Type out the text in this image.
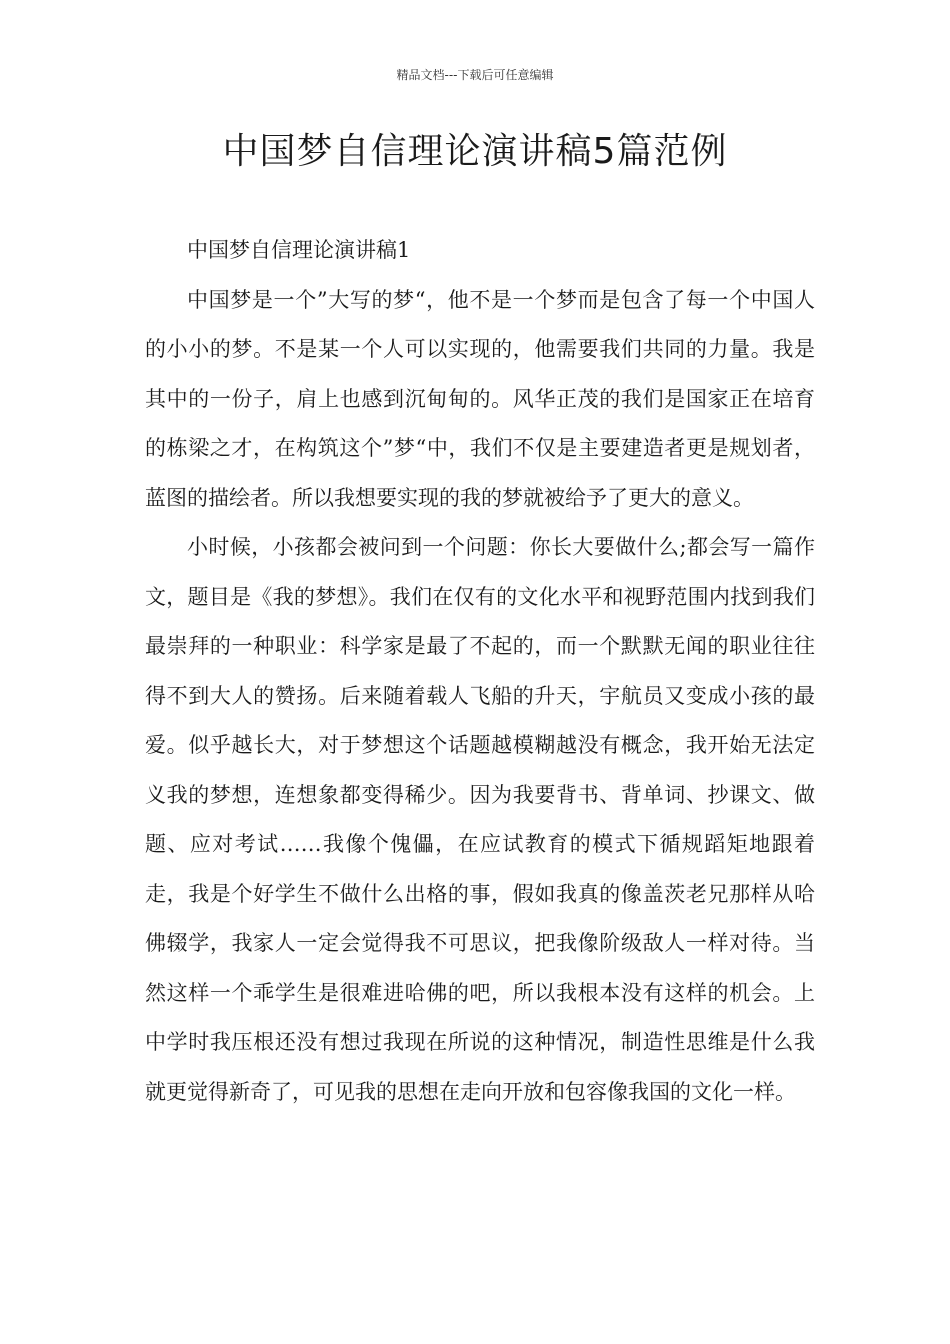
精品文档---下载后可任意编辑
中国梦自信理论演讲稿5篇范例

中国梦自信理论演讲稿1

中国梦是一个”大写的梦“，他不是一个梦而是包含了每一个中国人的小小的梦。不是某一个人可以实现的，他需要我们共同的力量。我是其中的一份子，肩上也感到沉甸甸的。风华正茂的我们是国家正在培育的栋梁之才，在构筑这个”梦“中，我们不仅是主要建造者更是规划者，蓝图的描绘者。所以我想要实现的我的梦就被给予了更大的意义。

小时候，小孩都会被问到一个问题：你长大要做什么;都会写一篇作文，题目是《我的梦想》。我们在仅有的文化水平和视野范围内找到我们最崇拜的一种职业：科学家是最了不起的，而一个默默无闻的职业往往得不到大人的赞扬。后来随着载人飞船的升天，宇航员又变成小孩的最爱。似乎越长大，对于梦想这个话题越模糊越没有概念，我开始无法定义我的梦想，连想象都变得稀少。因为我要背书、背单词、抄课文、做题、应对考试……我像个傀儡，在应试教育的模式下循规蹈矩地跟着走，我是个好学生不做什么出格的事，假如我真的像盖茨老兄那样从哈佛辍学，我家人一定会觉得我不可思议，把我像阶级敌人一样对待。当然这样一个乖学生是很难进哈佛的吧，所以我根本没有这样的机会。上中学时我压根还没有想过我现在所说的这种情况，制造性思维是什么我就更觉得新奇了，可见我的思想在走向开放和包容像我国的文化一样。
